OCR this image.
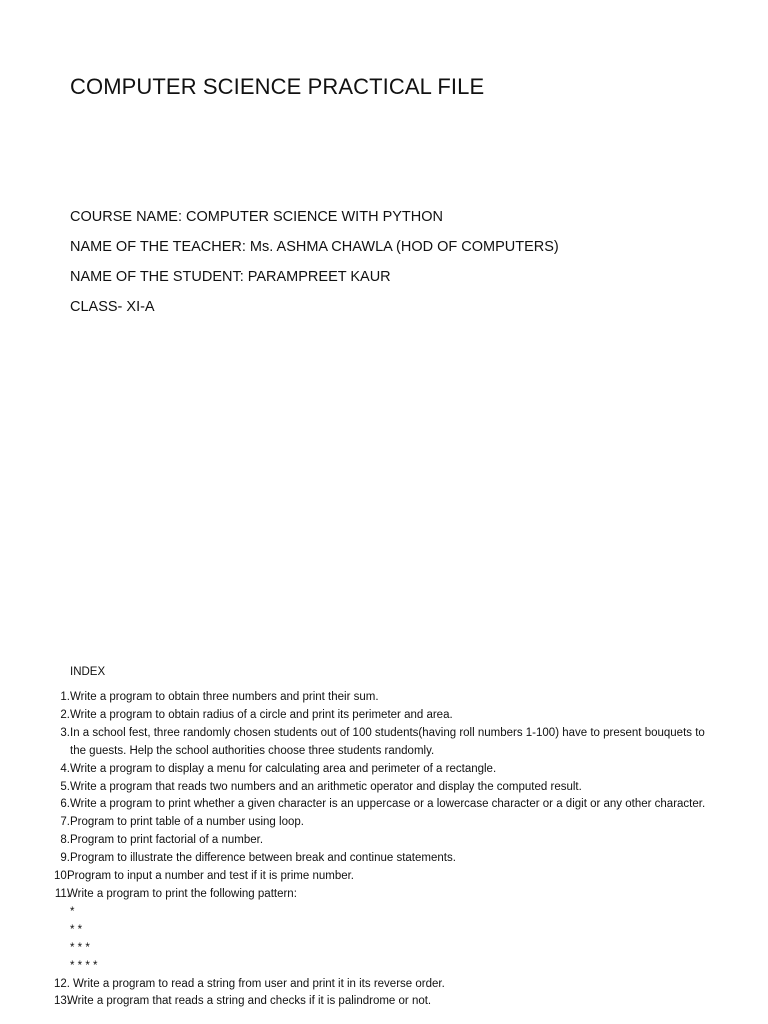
COMPUTER SCIENCE PRACTICAL FILE
COURSE NAME: COMPUTER SCIENCE WITH PYTHON
NAME OF THE TEACHER: Ms. ASHMA CHAWLA (HOD OF COMPUTERS)
NAME OF THE STUDENT: PARAMPREET KAUR
CLASS- XI-A
INDEX
1. Write a program to obtain three numbers and print their sum.
2. Write a program to obtain radius of a circle and print its perimeter and area.
3. In a school fest, three randomly chosen students out of 100 students(having roll numbers 1-100) have to present bouquets to the guests. Help the school authorities choose three students randomly.
4. Write a program to display a menu for calculating area and perimeter of a rectangle.
5. Write a program that reads two numbers and an arithmetic operator and display the computed result.
6. Write a program to print whether a given character is an uppercase or a lowercase character or a digit or any other character.
7. Program to print table of a number using loop.
8. Program to print factorial of a number.
9. Program to illustrate the difference between break and continue statements.
10.
Program to input a number and test if it is prime number.
11.
Write a program to print the following pattern:
*
* *
* * *
* * * *
12. Write a program to read a string from user and print it in its reverse order.
13.
Write a program that reads a string and checks if it is palindrome or not.
